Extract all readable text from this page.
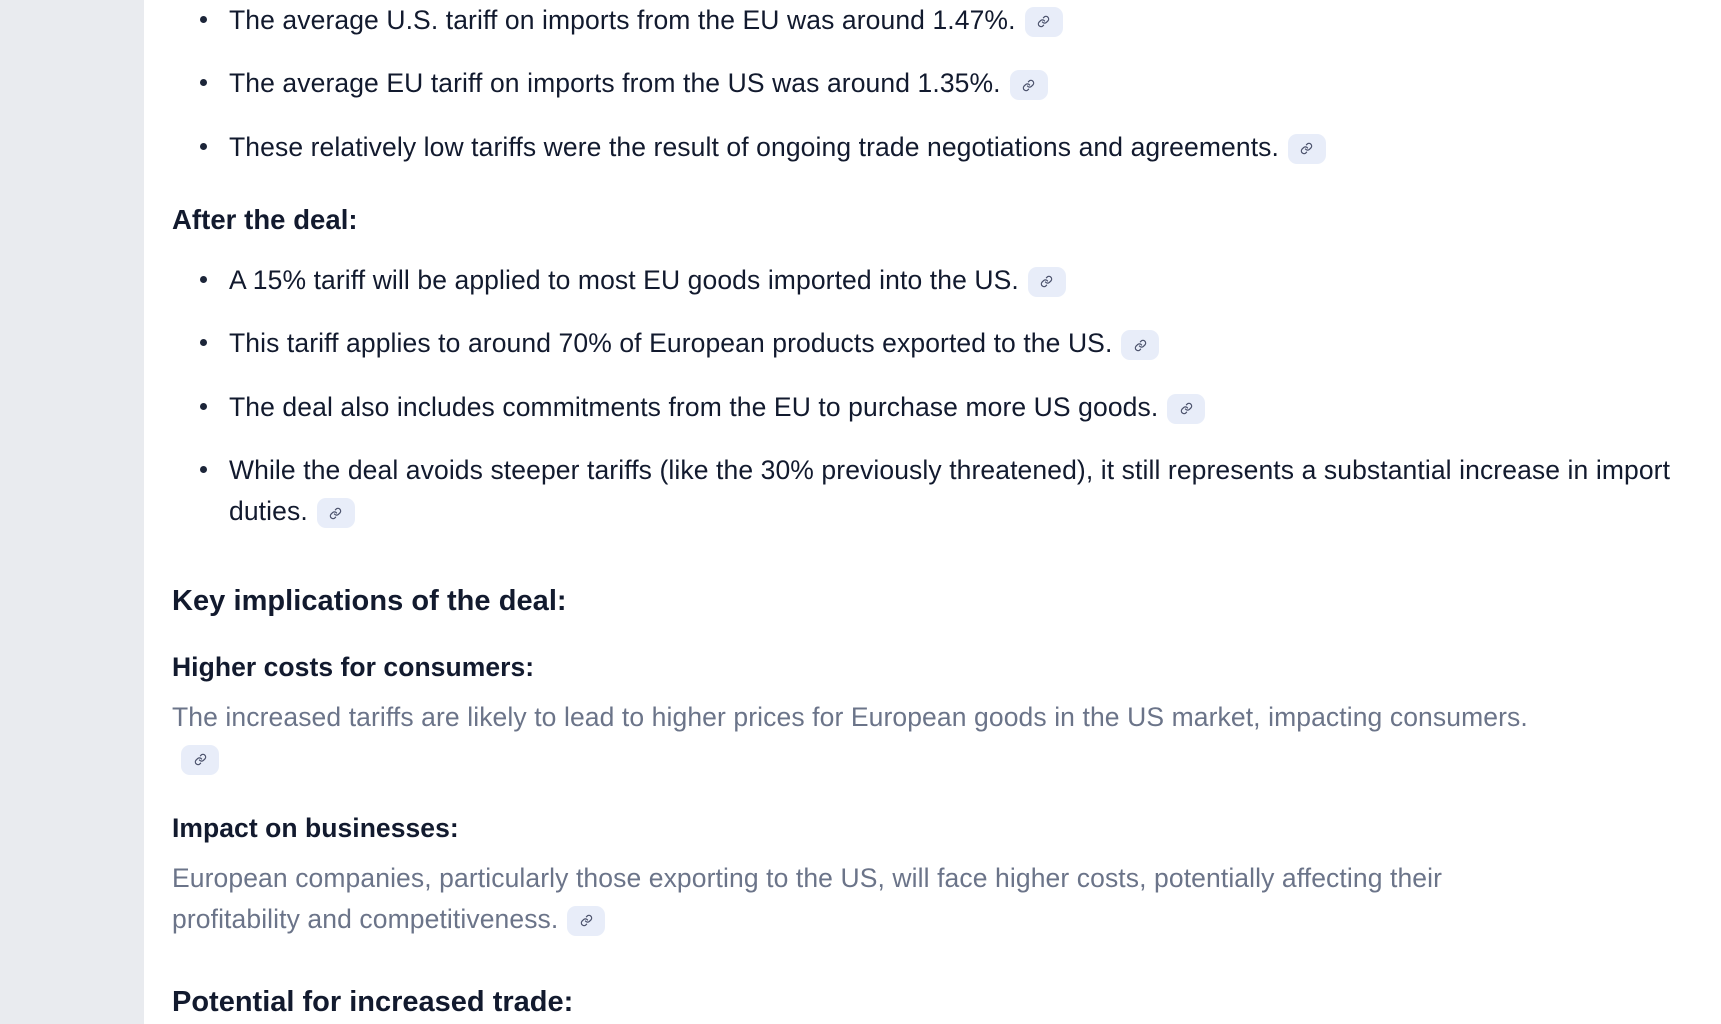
The average U.S. tariff on imports from the EU was around 1.47%.
The average EU tariff on imports from the US was around 1.35%.
These relatively low tariffs were the result of ongoing trade negotiations and agreements.
After the deal:
A 15% tariff will be applied to most EU goods imported into the US.
This tariff applies to around 70% of European products exported to the US.
The deal also includes commitments from the EU to purchase more US goods.
While the deal avoids steeper tariffs (like the 30% previously threatened), it still represents a substantial increase in import duties.
Key implications of the deal:
Higher costs for consumers:

The increased tariffs are likely to lead to higher prices for European goods in the US market, impacting consumers.

Impact on businesses:

European companies, particularly those exporting to the US, will face higher costs, potentially affecting their profitability and competitiveness.

Potential for increased trade:
